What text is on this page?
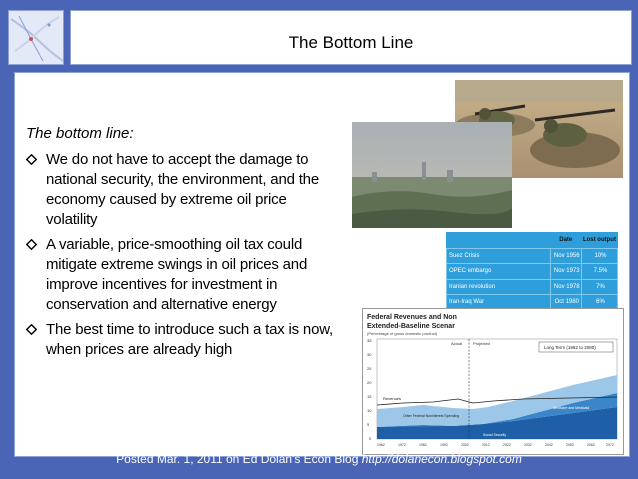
The Bottom Line
The bottom line:
We do not have to accept the damage to national security, the environment, and the economy caused by extreme oil price volatility
A variable, price-smoothing oil tax could mitigate extreme swings in oil prices and improve incentives for investment in conservation and alternative energy
The best time to introduce such a tax is now, when prices are already high
	Date	Lost output
Suez Crisis	Nov 1956	10%
OPEC embargo	Nov 1973	7.5%
Iranian revolution	Nov 1978	7%
Iran-Iraq War	Oct 1980	6%

Federal Revenues and Non
Extended-Baseline Scenar
(Percentage of gross domestic product)
35
30
25
20
15
10
5
0
Actual	Projected
Revenues
Other Federal Noninterest Spending
Social Security
Medicare and Medicaid
Long Term (1962 to 2080)
1962	1972	1982	1992	2002	2012	2022	2032	2042	2052	2062	2072
Posted Mar. 1, 2011 on Ed Dolan's Econ Blog http://dolanecon.blogspot.com
